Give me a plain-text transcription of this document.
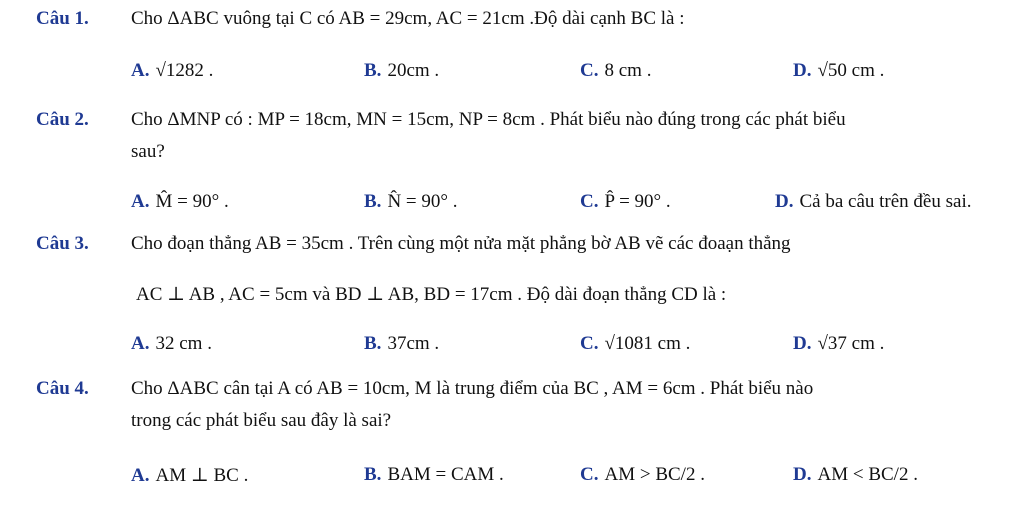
Câu 1. Cho ΔABC vuông tại C có AB = 29cm, AC = 21cm .Độ dài cạnh BC là :
A. √1282 .	B. 20cm .	C. 8 cm .	D. √50 cm .
Câu 2. Cho ΔMNP có : MP = 18cm, MN = 15cm, NP = 8cm . Phát biểu nào đúng trong các phát biểu
sau?
A. M̂ = 90° .	B. N̂ = 90° .	C. P̂ = 90° .	D. Cả ba câu trên đều sai.
Câu 3. Cho đoạn thẳng AB = 35cm . Trên cùng một nửa mặt phẳng bờ AB vẽ các đoaạn thẳng
AC ⊥ AB , AC = 5cm và BD ⊥ AB, BD = 17cm . Độ dài đoạn thẳng CD là :
A. 32 cm .	B. 37cm .	C. √1081 cm .	D. √37 cm .
Câu 4. Cho ΔABC cân tại A có AB = 10cm, M là trung điểm của BC , AM = 6cm . Phát biểu nào
trong các phát biểu sau đây là sai?
A. AM ⊥ BC .	B. BAM = CAM .	C. AM > BC/2 .	D. AM < BC/2 .
